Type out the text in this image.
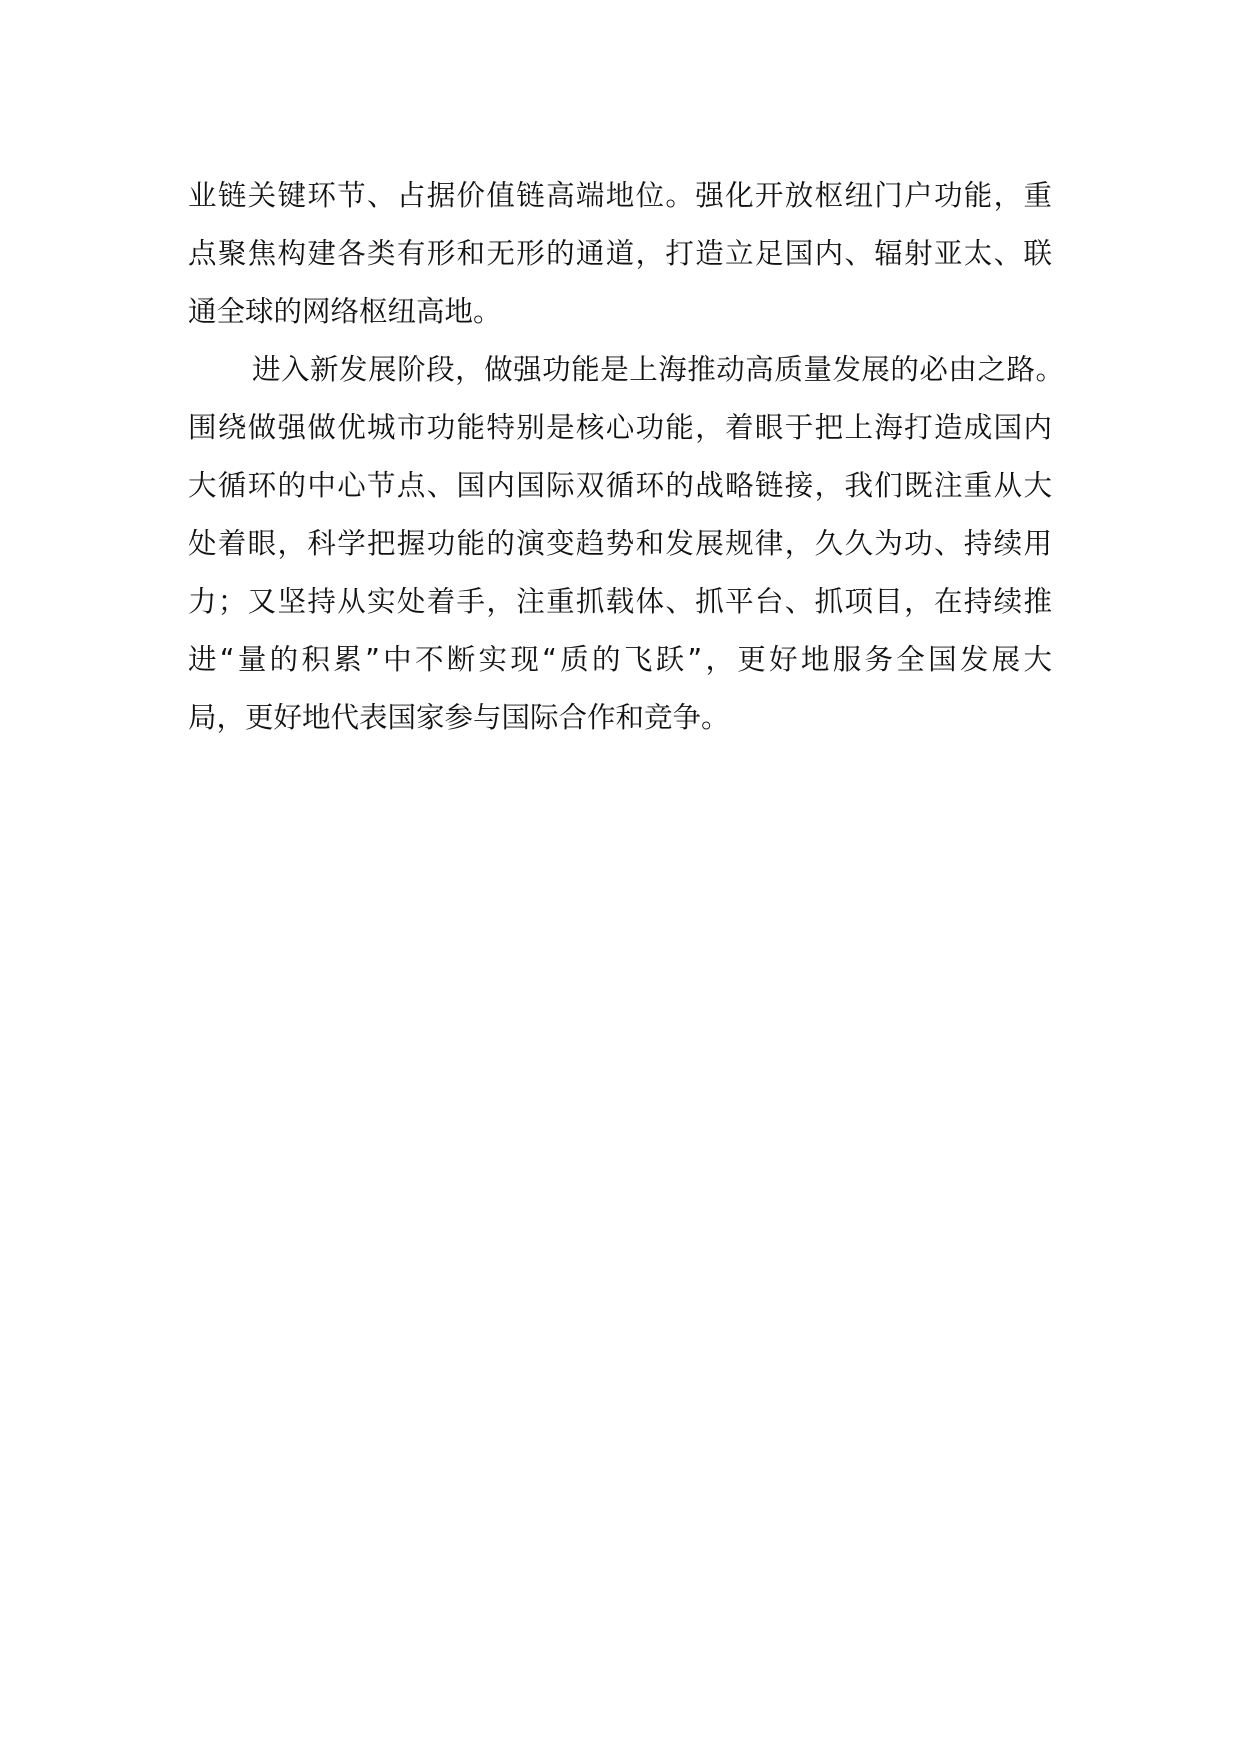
业链关键环节、占据价值链高端地位。强化开放枢纽门户功能，重
点聚焦构建各类有形和无形的通道，打造立足国内、辐射亚太、联
通全球的网络枢纽高地。
进入新发展阶段，做强功能是上海推动高质量发展的必由之路。
围绕做强做优城市功能特别是核心功能，着眼于把上海打造成国内
大循环的中心节点、国内国际双循环的战略链接，我们既注重从大
处着眼，科学把握功能的演变趋势和发展规律，久久为功、持续用
力；又坚持从实处着手，注重抓载体、抓平台、抓项目，在持续推
进“量的积累”中不断实现“质的飞跃”，更好地服务全国发展大
局，更好地代表国家参与国际合作和竞争。
